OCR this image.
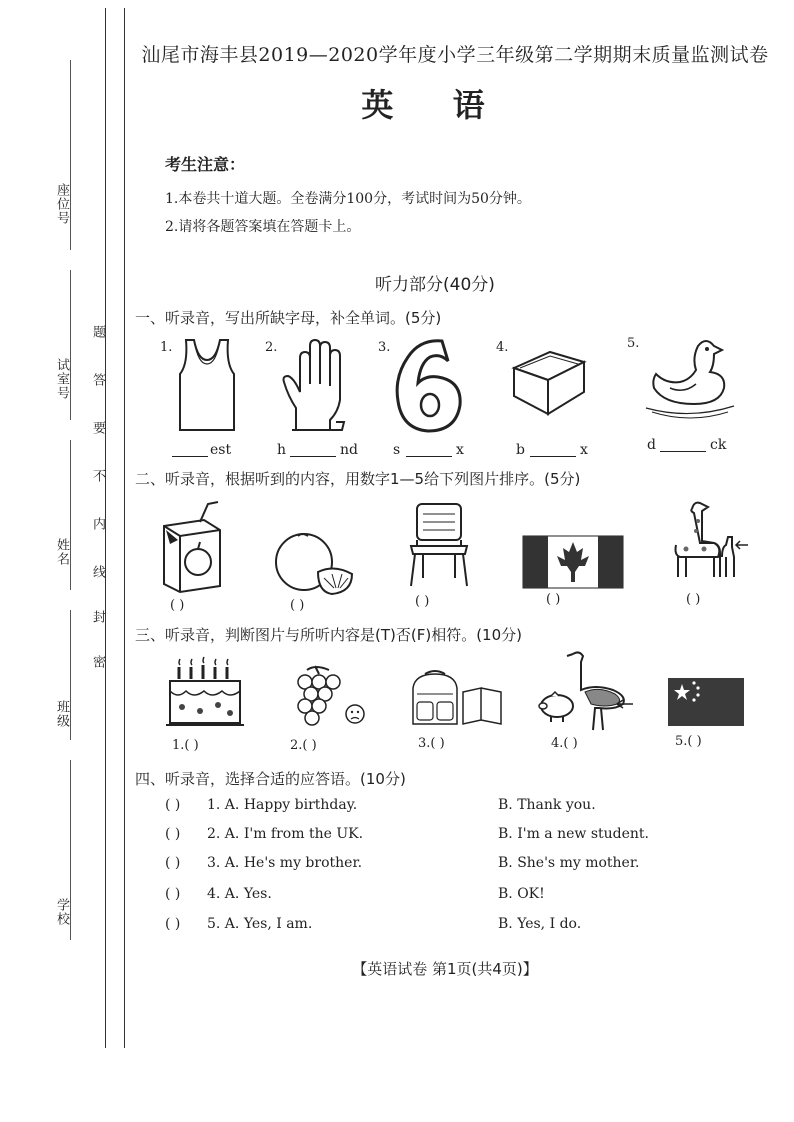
座位号
试室号
姓名
班级
学校
题
答
要
不
内
线
封
密
汕尾市海丰县2019—2020学年度小学三年级第二学期期末质量监测试卷
英 语
考生注意：
1.本卷共十道大题。全卷满分100分，考试时间为50分钟。
2.请将各题答案填在答题卡上。
听力部分(40分)
一、听录音，写出所缺字母，补全单词。(5分)
1.
est
2.
h	nd
3.
s	x
4.
b	x
5.
d	ck
二、听录音，根据听到的内容，用数字1—5给下列图片排序。(5分)
( )	( )	( )	( )	( )
三、听录音，判断图片与所听内容是(T)否(F)相符。(10分)
1.( )	2.( )	3.( )	4.( )	5.( )
四、听录音，选择合适的应答语。(10分)
( ) 1. A. Happy birthday.	B. Thank you.
( ) 2. A. I'm from the UK.	B. I'm a new student.
( ) 3. A. He's my brother.	B. She's my mother.
( ) 4. A. Yes.	B. OK!
( ) 5. A. Yes, I am.	B. Yes, I do.
【英语试卷 第1页(共4页)】
